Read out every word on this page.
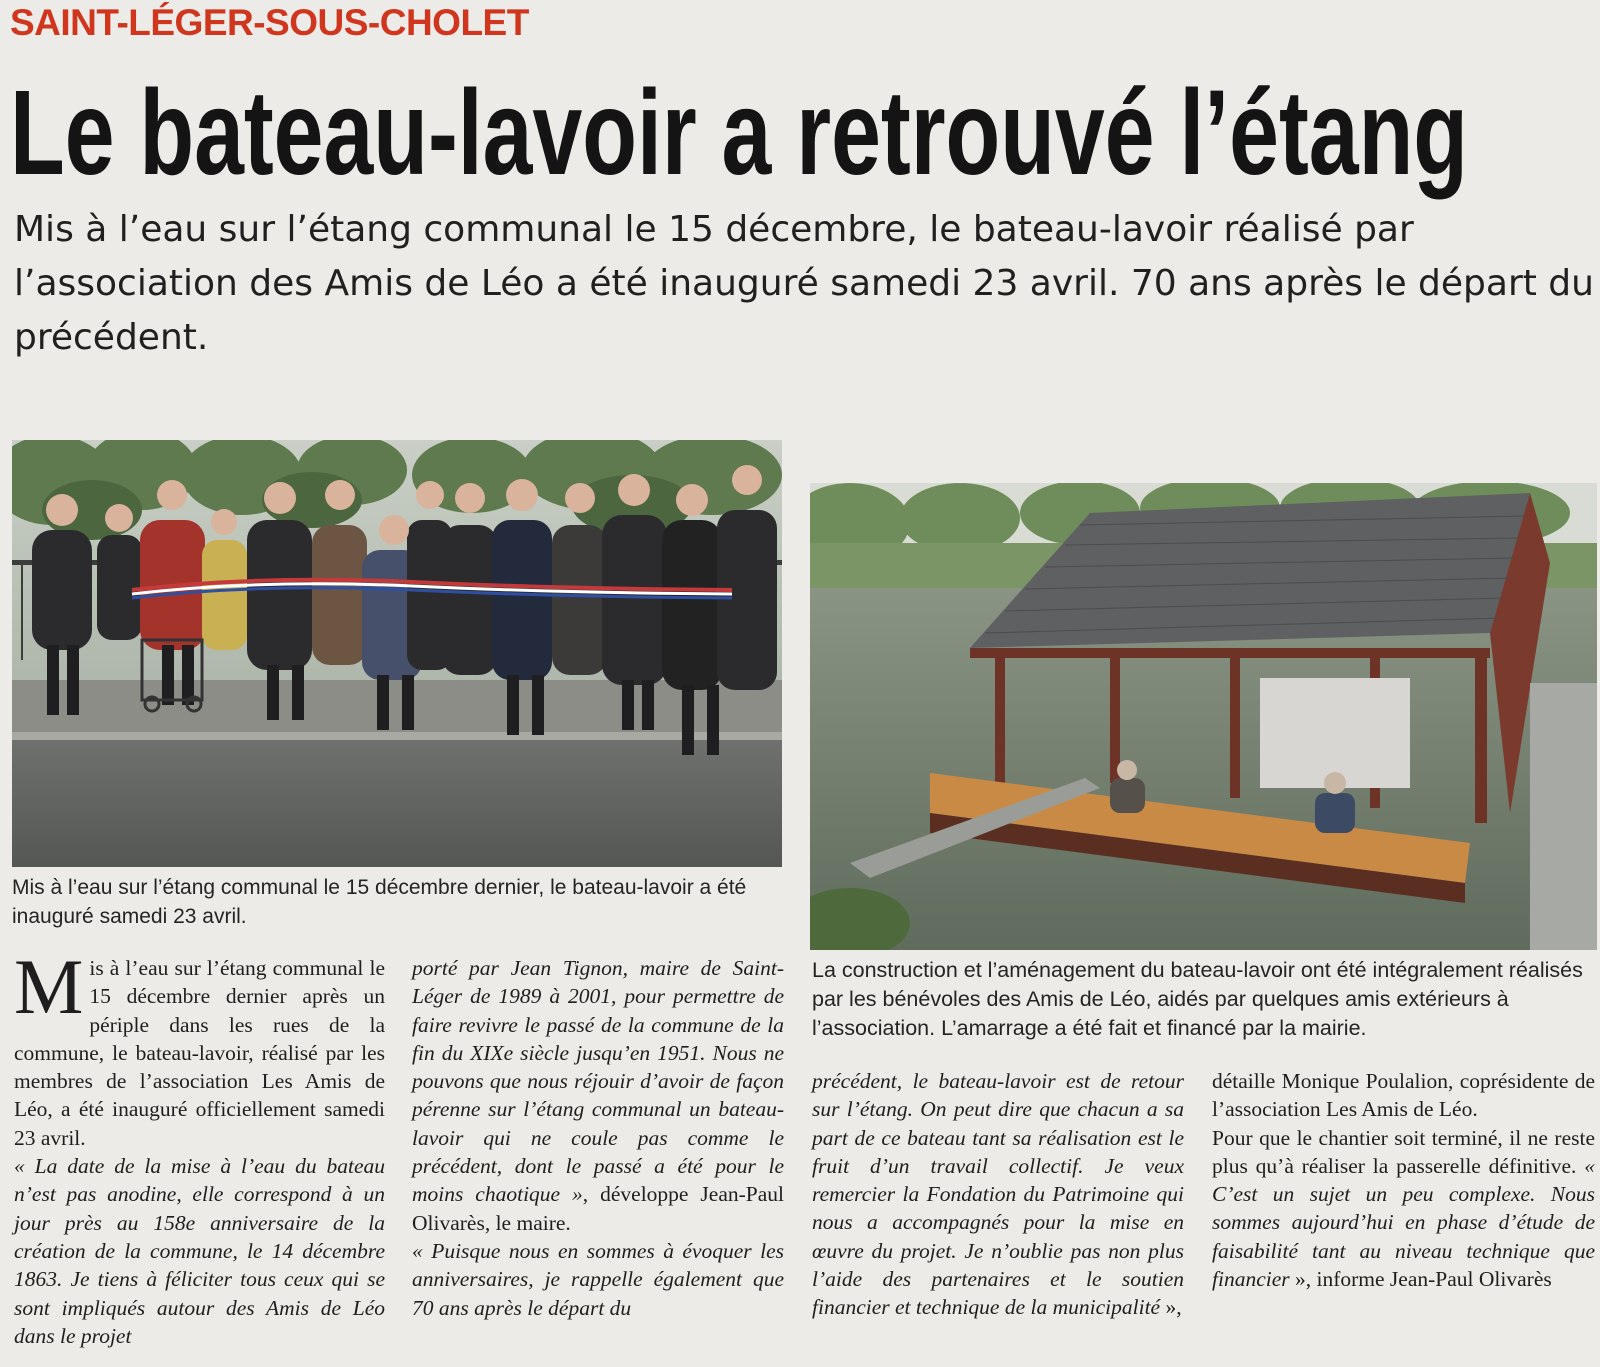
SAINT-LÉGER-SOUS-CHOLET
Le bateau-lavoir a retrouvé l’étang
Mis à l’eau sur l’étang communal le 15 décembre, le bateau-lavoir réalisé par l’association des Amis de Léo a été inauguré samedi 23 avril. 70 ans après le départ du précédent.
Mis à l’eau sur l’étang communal le 15 décembre dernier, le bateau-lavoir a été inauguré samedi 23 avril.
La construction et l’aménagement du bateau-lavoir ont été intégralement réalisés par les bénévoles des Amis de Léo, aidés par quelques amis extérieurs à l’association. L’amarrage a été fait et financé par la mairie.

Mis à l’eau sur l’étang communal le 15 décembre dernier après un périple dans les rues de la commune, le bateau-lavoir, réalisé par les membres de l’association Les Amis de Léo, a été inauguré officiellement samedi 23 avril.

« La date de la mise à l’eau du bateau n’est pas anodine, elle correspond à un jour près au 158e anniversaire de la création de la commune, le 14 décembre 1863. Je tiens à féliciter tous ceux qui se sont impliqués autour des Amis de Léo dans le projet

porté par Jean Tignon, maire de Saint-Léger de 1989 à 2001, pour permettre de faire revivre le passé de la commune de la fin du XIXe siècle jusqu’en 1951. Nous ne pouvons que nous réjouir d’avoir de façon pérenne sur l’étang communal un bateau-lavoir qui ne coule pas comme le précédent, dont le passé a été pour le moins chaotique », développe Jean-Paul Olivarès, le maire.

« Puisque nous en sommes à évoquer les anniversaires, je rappelle également que 70 ans après le départ du

précédent, le bateau-lavoir est de retour sur l’étang. On peut dire que chacun a sa part de ce bateau tant sa réalisation est le fruit d’un travail collectif. Je veux remercier la Fondation du Patrimoine qui nous a accompagnés pour la mise en œuvre du projet. Je n’oublie pas non plus l’aide des partenaires et le soutien financier et technique de la municipalité »,

détaille Monique Poulalion, coprésidente de l’association Les Amis de Léo.

Pour que le chantier soit terminé, il ne reste plus qu’à réaliser la passerelle définitive. « C’est un sujet un peu complexe. Nous sommes aujourd’hui en phase d’étude de faisabilité tant au niveau technique que financier », informe Jean-Paul Olivarès
